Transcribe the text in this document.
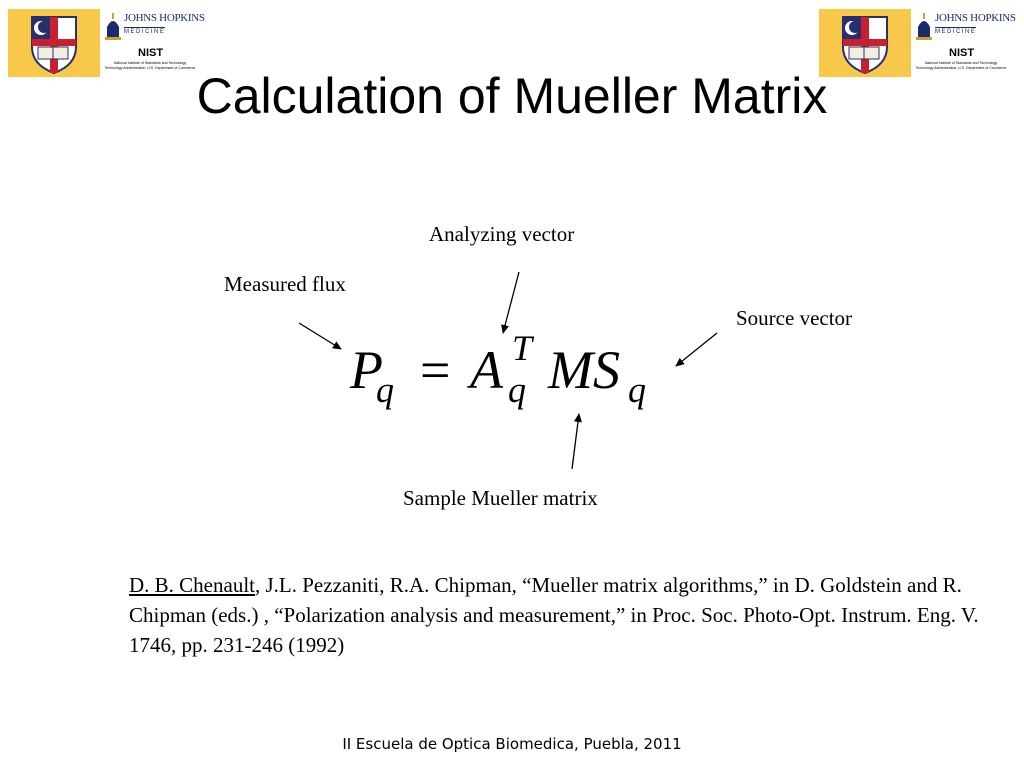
JOHNS HOPKINS
MEDICINE
NIST
National Institute of Standards and Technology
Technology Administration, U.S. Department of Commerce
JOHNS HOPKINS
MEDICINE
NIST
National Institute of Standards and Technology
Technology Administration, U.S. Department of Commerce
Calculation of Mueller Matrix
Analyzing vector
Measured flux
Source vector
Sample Mueller matrix
P
q = A T
q MS q
D. B. Chenault, J.L. Pezzaniti, R.A. Chipman, “Mueller matrix algorithms,” in D. Goldstein and R. Chipman (eds.) , “Polarization analysis and measurement,” in Proc. Soc. Photo-Opt. Instrum. Eng. V. 1746, pp. 231-246 (1992)
II Escuela de Optica Biomedica, Puebla, 2011
